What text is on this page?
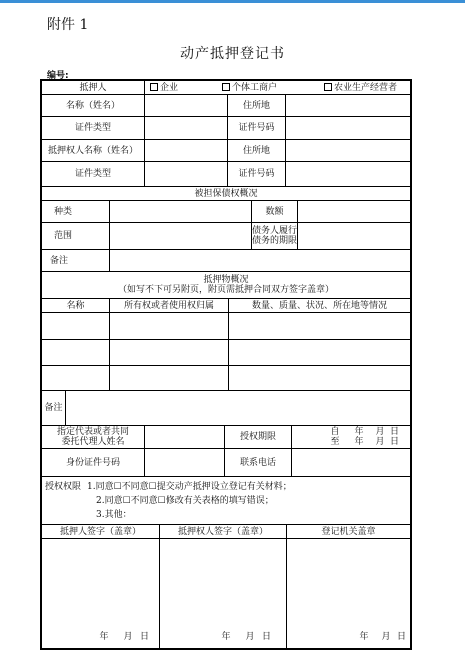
附件 1
动产抵押登记书
编号:
抵押人	企业	个体工商户	农业生产经营者
名称（姓名）	住所地
证件类型	证件号码
抵押权人名称（姓名）	住所地
证件类型	证件号码
被担保债权概况
种类	数额
范围	债务人履行
债务的期限
备注
抵押物概况
（如写不下可另附页，附页需抵押合同双方签字盖章）
名称	所有权或者使用权归属	数量、质量、状况、所在地等情况
备注
指定代表或者共同
委托代理人姓名	授权期限	自 年 月 日
至 年 月 日
身份证件号码	联系电话
授权权限 1.同意☐不同意☐提交动产抵押设立登记有关材料；
2.同意☐不同意☐修改有关表格的填写错误；
3.其他：
抵押人签字（盖章）	抵押权人签字（盖章）	登记机关盖章
年 月 日	年 月 日	年 月 日
